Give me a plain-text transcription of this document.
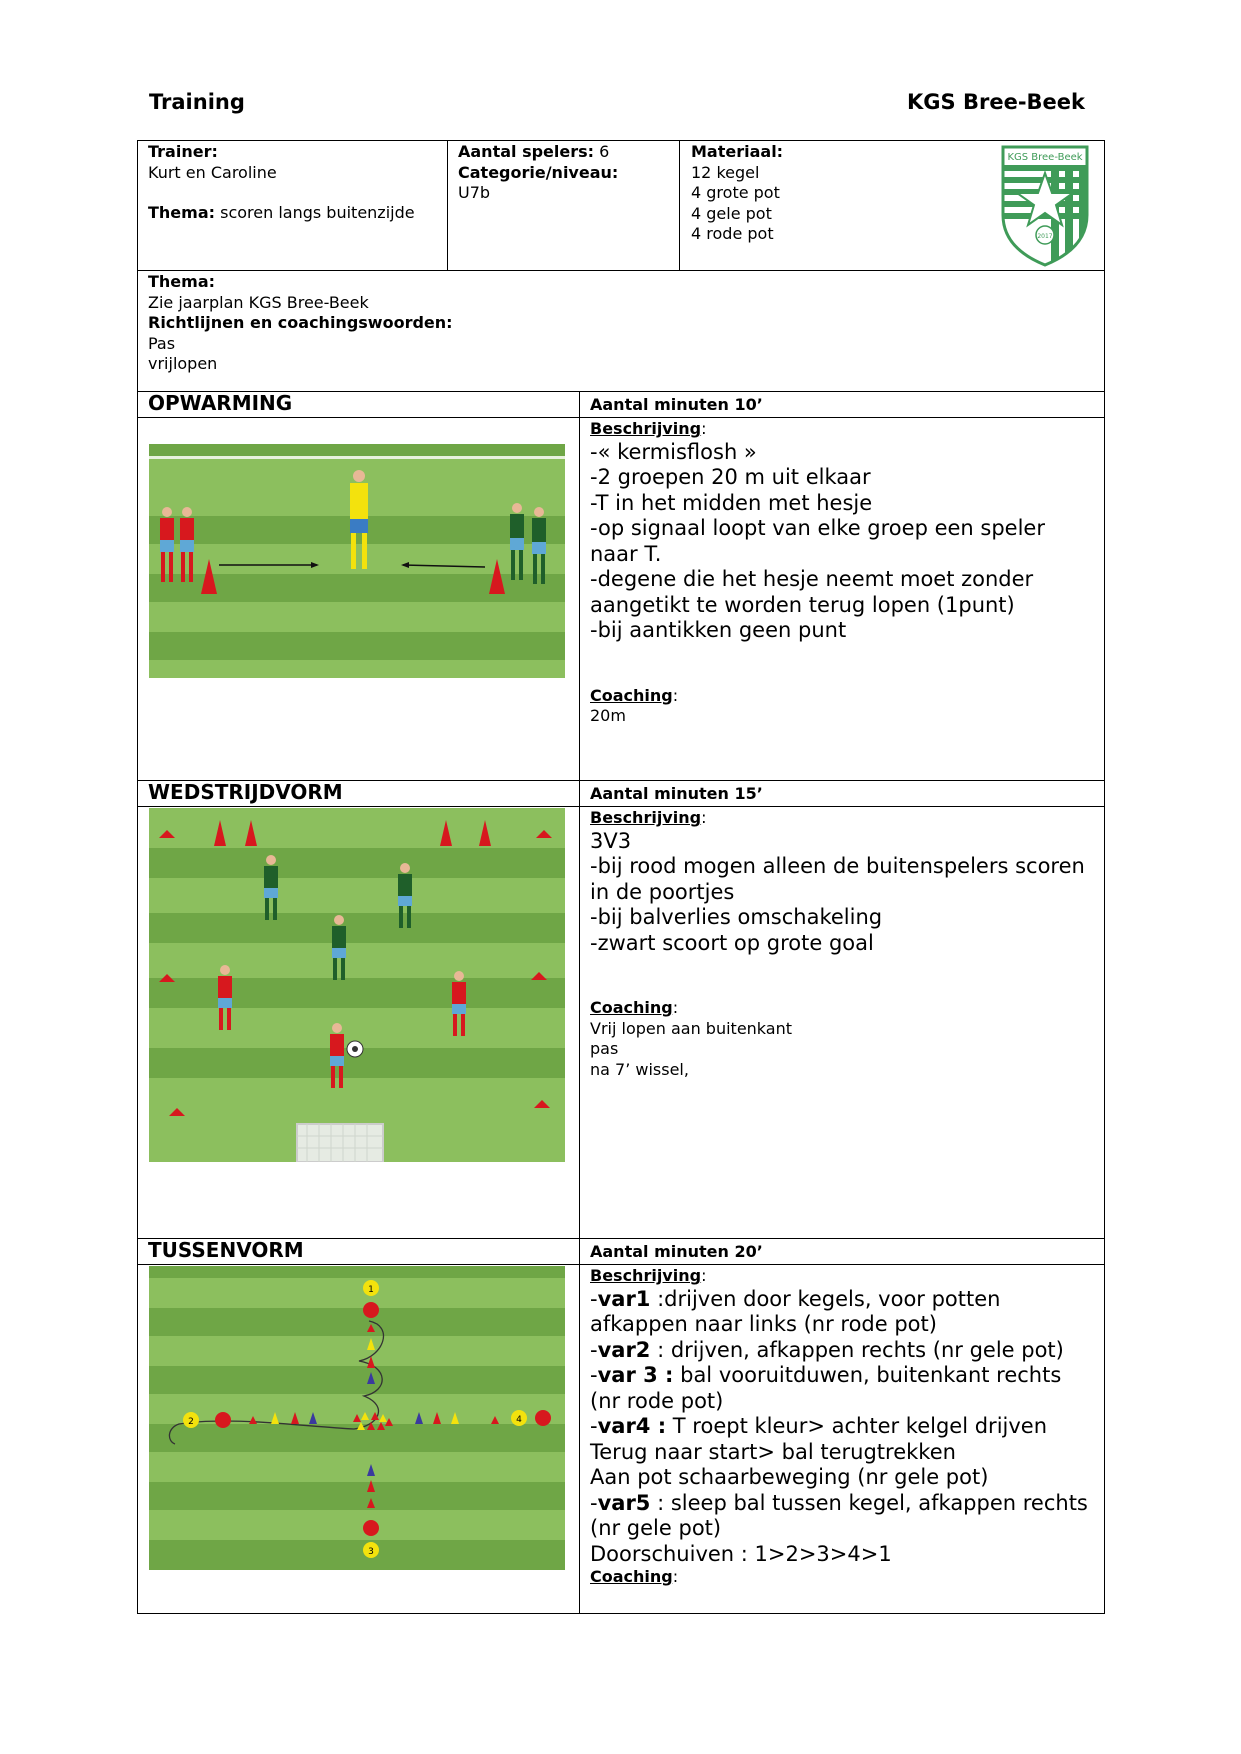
Training	KGS Bree-Beek
Trainer:
Kurt en Caroline
Thema: scoren langs buitenzijde
Aantal spelers: 6
Categorie/niveau:
U7b
Materiaal:
12 kegel
4 grote pot
4 gele pot
4 rode pot
KGS Bree-Beek
2017
Thema:
Zie jaarplan KGS Bree-Beek
Richtlijnen en coachingswoorden:
Pas
vrijlopen
OPWARMING	Aantal minuten 10’
Beschrijving:
-« kermisflosh »
-2 groepen 20 m uit elkaar
-T in het midden met hesje
-op signaal loopt van elke groep een speler naar T.
-degene die het hesje neemt moet zonder aangetikt te worden terug lopen (1punt)
-bij aantikken geen punt
Coaching:
20m
WEDSTRIJDVORM	Aantal minuten 15’
Beschrijving:
3V3
-bij rood mogen alleen de buitenspelers scoren in de poortjes
-bij balverlies omschakeling
-zwart scoort op grote goal
Coaching:
Vrij lopen aan buitenkant
pas
na 7’ wissel,
TUSSENVORM	Aantal minuten 20’
Beschrijving:
-var1 :drijven door kegels, voor potten afkappen naar links (nr rode pot)
-var2 : drijven, afkappen rechts (nr gele pot)
-var 3 : bal vooruitduwen, buitenkant rechts (nr rode pot)
-var4 : T roept kleur> achter kelgel drijven
Terug naar start> bal terugtrekken
Aan pot schaarbeweging (nr gele pot)
-var5 : sleep bal tussen kegel, afkappen rechts (nr gele pot)
Doorschuiven : 1>2>3>4>1
Coaching:
1
3
2	4
